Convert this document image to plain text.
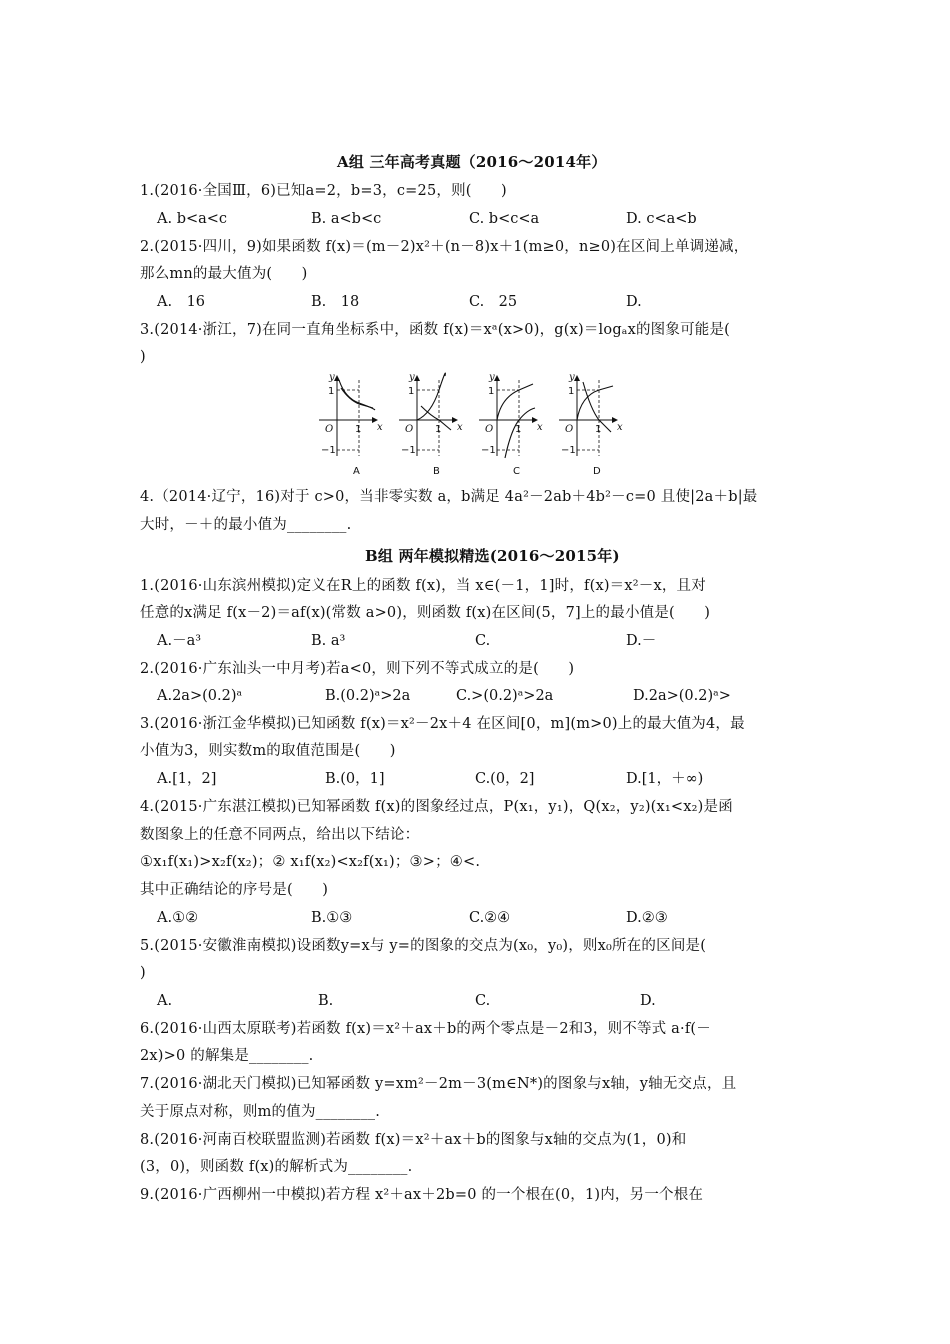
A组 三年高考真题（2016～2014年）
1.(2016·全国Ⅲ，6)已知a=2，b=3，c=25，则(　　)
A. b<a<c	B. a<b<c	C. b<c<a	D. c<a<b
2.(2015·四川，9)如果函数 f(x)＝(m－2)x²＋(n－8)x＋1(m≥0，n≥0)在区间上单调递减，
那么mn的最大值为(　　)
A.　16	B.　18	C.　25	D.
3.(2014·浙江，7)在同一直角坐标系中，函数 f(x)＝xᵃ(x>0)，g(x)＝logₐx的图象可能是(
)
y
x
O
1
1
−1
A
y
x
O
1
1
−1
B
y
x
O
1
1
−1
C
y
x
O
1
1
−1
D
4.（2014·辽宁，16)对于 c>0，当非零实数 a，b满足 4a²－2ab＋4b²－c=0 且使|2a＋b|最
大时，－＋的最小值为________.
B组 两年模拟精选(2016～2015年)
1.(2016·山东滨州模拟)定义在R上的函数 f(x)，当 x∈(－1，1]时，f(x)＝x²－x，且对
任意的x满足 f(x－2)＝af(x)(常数 a>0)，则函数 f(x)在区间(5，7]上的最小值是(　　)
A.－a³	B. a³	C.	D.－
2.(2016·广东汕头一中月考)若a<0，则下列不等式成立的是(　　)
A.2a>(0.2)ᵃ	B.(0.2)ᵃ>2a	C.>(0.2)ᵃ>2a	D.2a>(0.2)ᵃ>
3.(2016·浙江金华模拟)已知函数 f(x)＝x²－2x＋4 在区间[0，m](m>0)上的最大值为4，最
小值为3，则实数m的取值范围是(　　)
A.[1，2]	B.(0，1]	C.(0，2]	D.[1，＋∞)
4.(2015·广东湛江模拟)已知幂函数 f(x)的图象经过点，P(x₁，y₁)，Q(x₂，y₂)(x₁<x₂)是函
数图象上的任意不同两点，给出以下结论：
①x₁f(x₁)>x₂f(x₂)；② x₁f(x₂)<x₂f(x₁)；③>；④<.
其中正确结论的序号是(　　)
A.①②	B.①③	C.②④	D.②③
5.(2015·安徽淮南模拟)设函数y=x与 y=的图象的交点为(x₀，y₀)，则x₀所在的区间是(
)
A.	B.	C.	D.
6.(2016·山西太原联考)若函数 f(x)＝x²＋ax＋b的两个零点是－2和3，则不等式 a·f(－
2x)>0 的解集是________.
7.(2016·湖北天门模拟)已知幂函数 y=xm²－2m－3(m∈N*)的图象与x轴，y轴无交点，且
关于原点对称，则m的值为________.
8.(2016·河南百校联盟监测)若函数 f(x)＝x²＋ax＋b的图象与x轴的交点为(1，0)和
(3，0)，则函数 f(x)的解析式为________.
9.(2016·广西柳州一中模拟)若方程 x²＋ax＋2b=0 的一个根在(0，1)内，另一个根在
